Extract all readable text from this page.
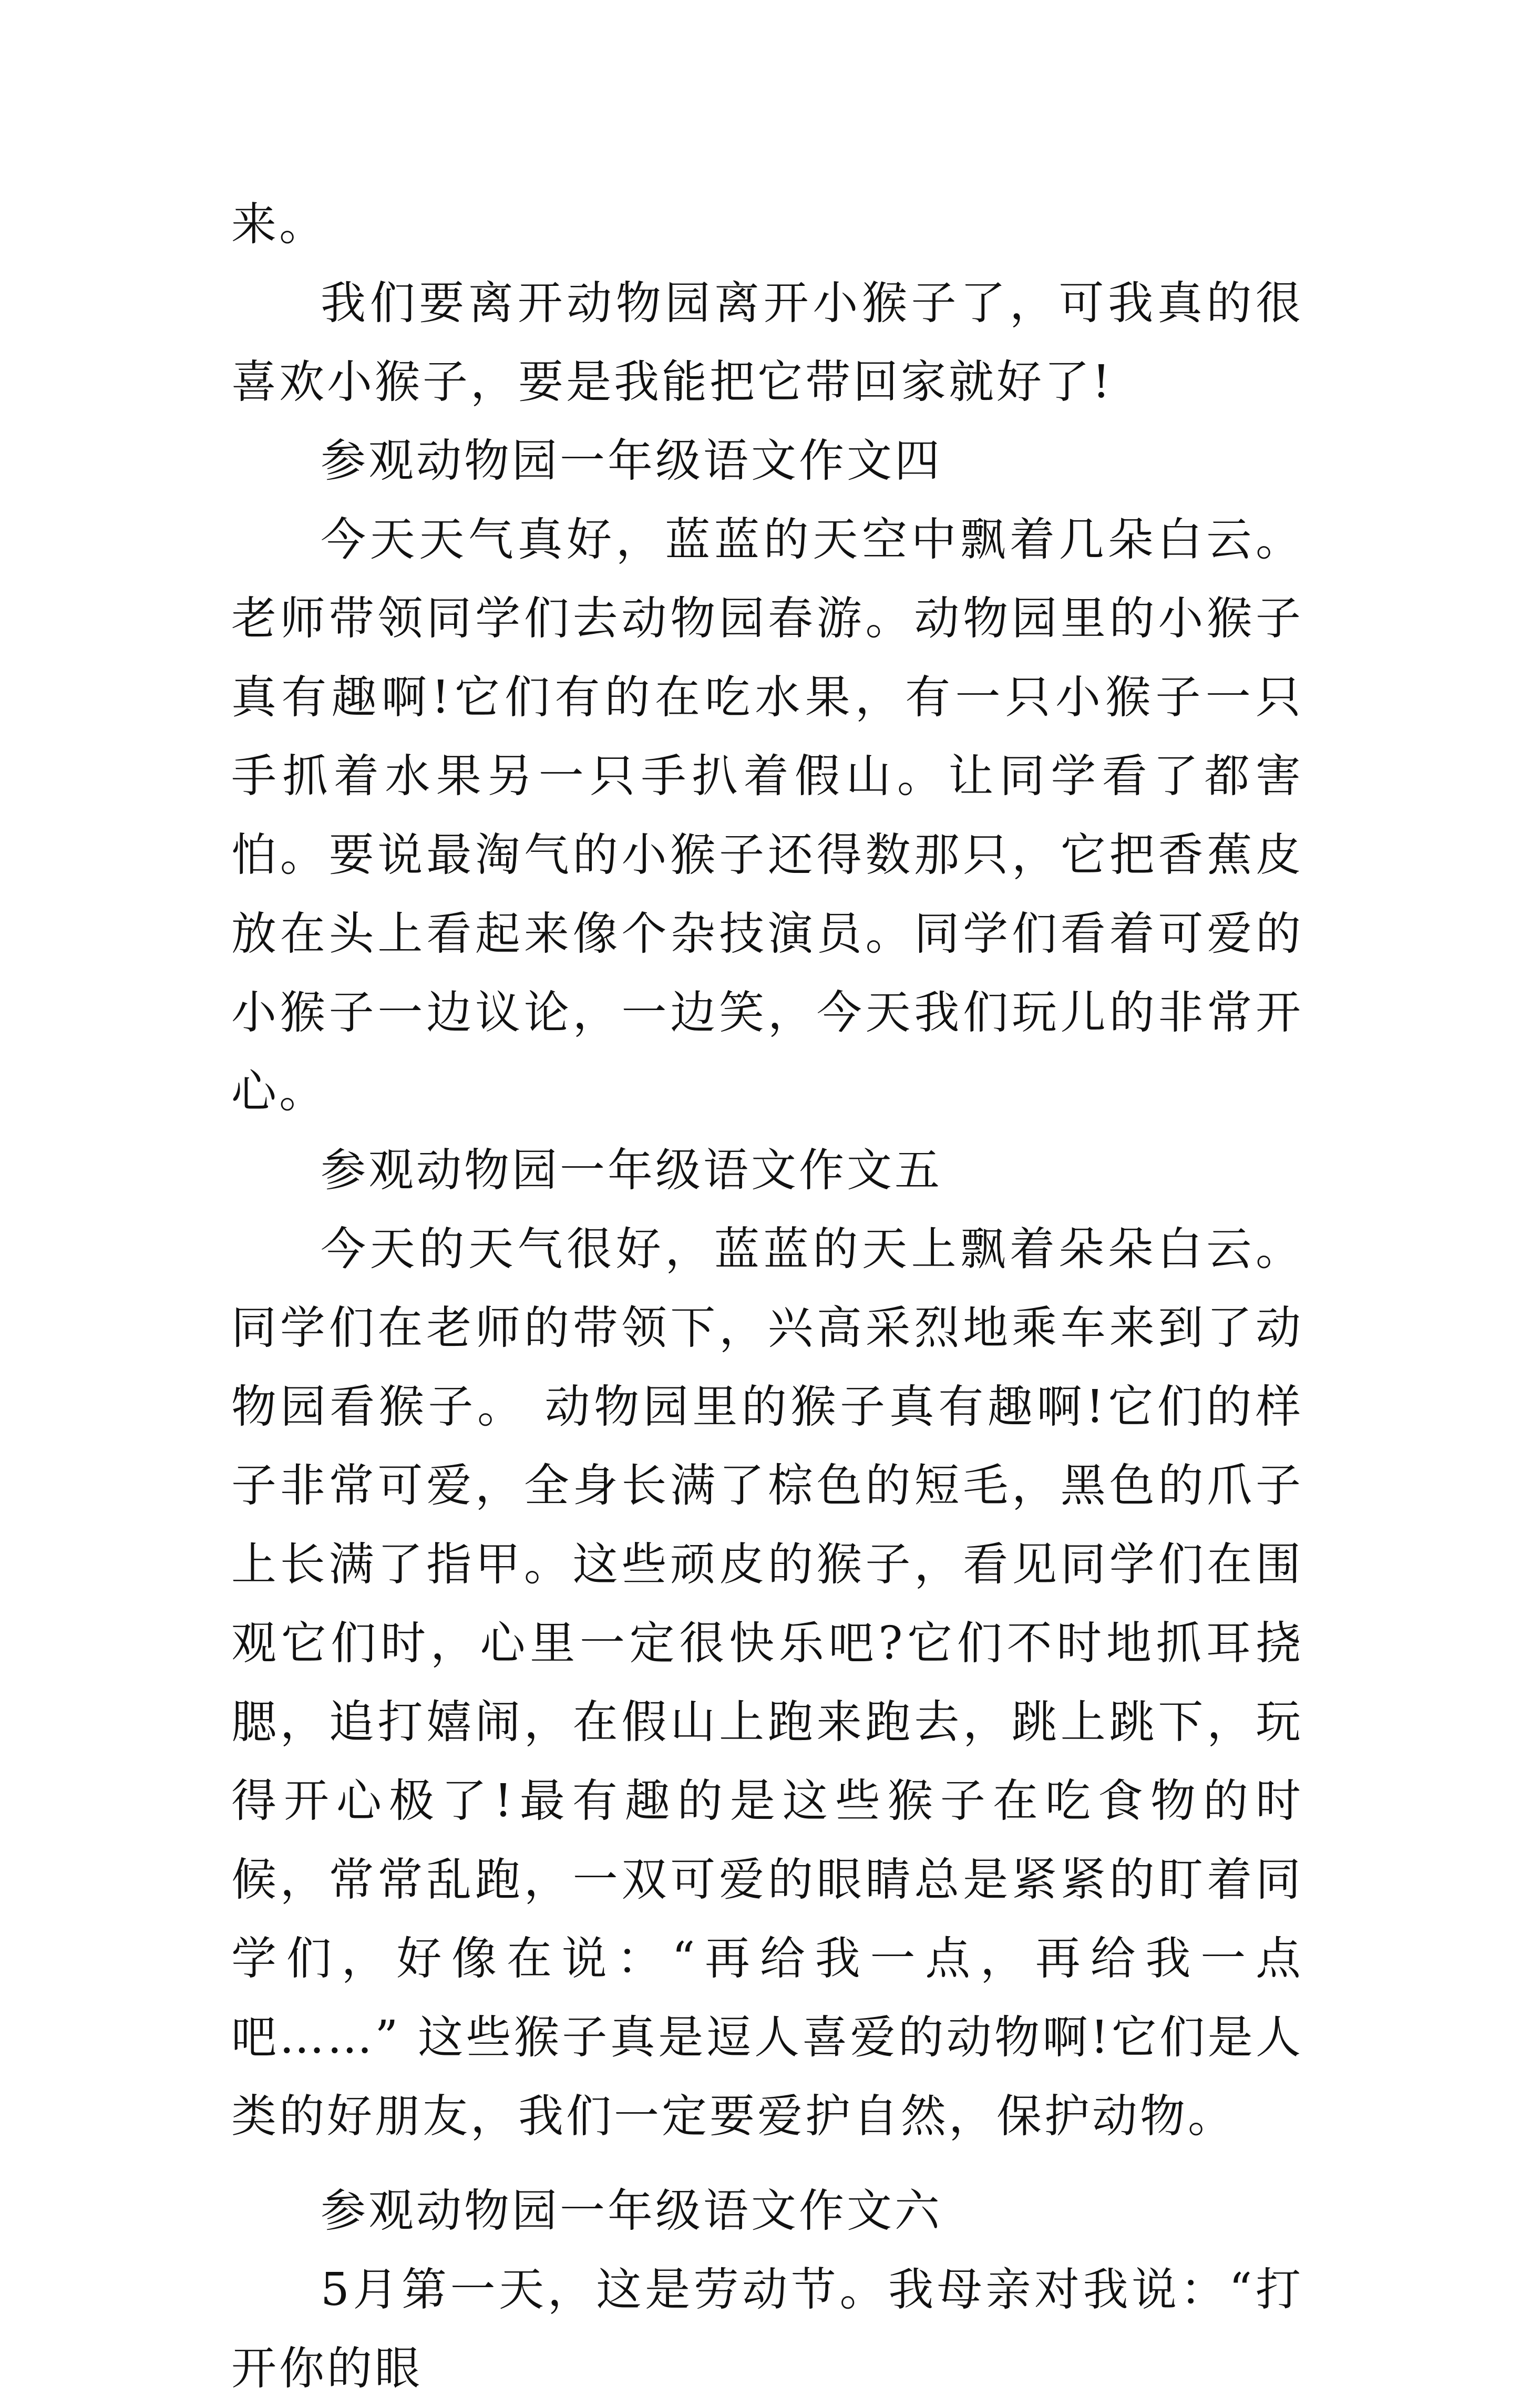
来。

我们要离开动物园离开小猴子了，可我真的很喜欢小猴子，要是我能把它带回家就好了!

参观动物园一年级语文作文四

今天天气真好，蓝蓝的天空中飘着几朵白云。老师带领同学们去动物园春游。动物园里的小猴子真有趣啊!它们有的在吃水果，有一只小猴子一只手抓着水果另一只手扒着假山。让同学看了都害怕。要说最淘气的小猴子还得数那只，它把香蕉皮放在头上看起来像个杂技演员。同学们看着可爱的小猴子一边议论，一边笑，今天我们玩儿的非常开心。

参观动物园一年级语文作文五

今天的天气很好，蓝蓝的天上飘着朵朵白云。同学们在老师的带领下，兴高采烈地乘车来到了动物园看猴子。 动物园里的猴子真有趣啊!它们的样子非常可爱，全身长满了棕色的短毛，黑色的爪子上长满了指甲。这些顽皮的猴子，看见同学们在围观它们时，心里一定很快乐吧?它们不时地抓耳挠腮，追打嬉闹，在假山上跑来跑去，跳上跳下，玩得开心极了!最有趣的是这些猴子在吃食物的时候，常常乱跑，一双可爱的眼睛总是紧紧的盯着同学们，好像在说：“再给我一点，再给我一点吧……” 这些猴子真是逗人喜爱的动物啊!它们是人类的好朋友，我们一定要爱护自然，保护动物。

参观动物园一年级语文作文六

5月第一天，这是劳动节。我母亲对我说：“打开你的眼
